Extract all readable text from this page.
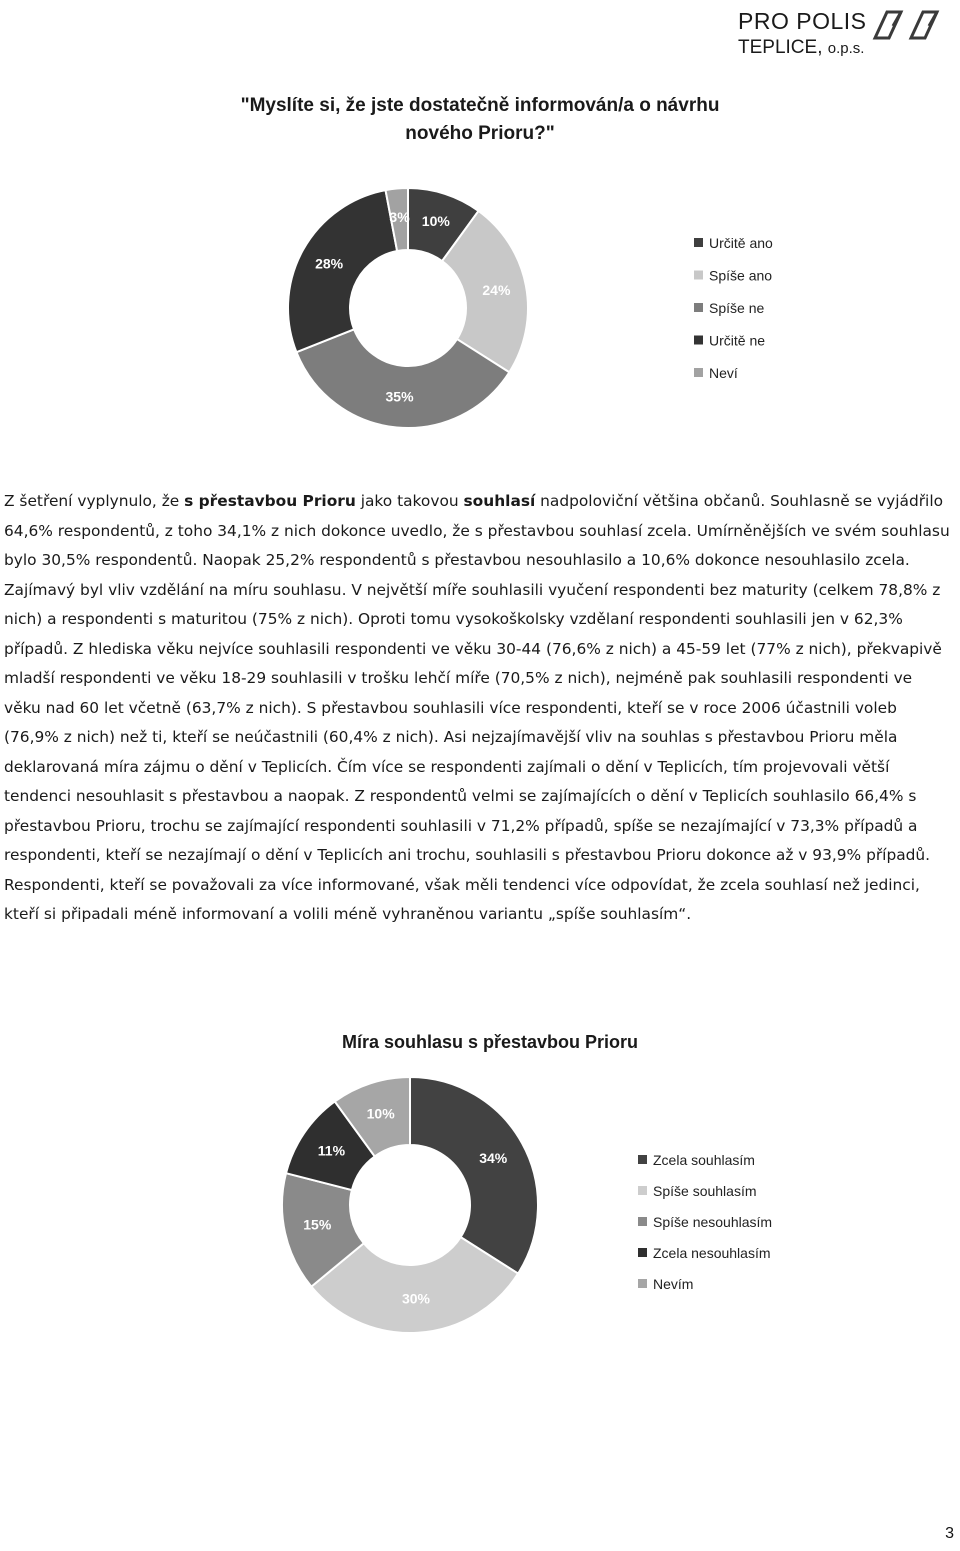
PRO POLIS
TEPLICE, o.p.s.
"Myslíte si, že jste dostatečně informován/a o návrhu nového Prioru?"
10%
24%
35%
28%
3%
Určitě ano
Spíše ano
Spíše ne
Určitě ne
Neví

Z šetření vyplynulo, že s přestavbou Prioru jako takovou souhlasí nadpoloviční většina občanů. Souhlasně se vyjádřilo 64,6% respondentů, z toho 34,1% z nich dokonce uvedlo, že s přestavbou souhlasí zcela. Umírněnějších ve svém souhlasu bylo 30,5% respondentů. Naopak 25,2% respondentů s přestavbou nesouhlasilo a 10,6% dokonce nesouhlasilo zcela. Zajímavý byl vliv vzdělání na míru souhlasu. V největší míře souhlasili vyučení respondenti bez maturity (celkem 78,8% z nich) a respondenti s maturitou (75% z nich). Oproti tomu vysokoškolsky vzdělaní respondenti souhlasili jen v 62,3% případů. Z hlediska věku nejvíce souhlasili respondenti ve věku 30-44 (76,6% z nich) a 45-59 let (77% z nich), překvapivě mladší respondenti ve věku 18-29 souhlasili v trošku lehčí míře (70,5% z nich), nejméně pak souhlasili respondenti ve věku nad 60 let včetně (63,7% z nich). S přestavbou souhlasili více respondenti, kteří se v roce 2006 účastnili voleb (76,9% z nich) než ti, kteří se neúčastnili (60,4% z nich). Asi nejzajímavější vliv na souhlas s přestavbou Prioru měla deklarovaná míra zájmu o dění v Teplicích. Čím více se respondenti zajímali o dění v Teplicích, tím projevovali větší tendenci nesouhlasit s přestavbou a naopak. Z respondentů velmi se zajímajících o dění v Teplicích souhlasilo 66,4% s přestavbou Prioru, trochu se zajímající respondenti souhlasili v 71,2% případů, spíše se nezajímající v 73,3% případů a respondenti, kteří se nezajímají o dění v Teplicích ani trochu, souhlasili s přestavbou Prioru dokonce až v 93,9% případů. Respondenti, kteří se považovali za více informované, však měli tendenci více odpovídat, že zcela souhlasí než jedinci, kteří si připadali méně informovaní a volili méně vyhraněnou variantu „spíše souhlasím“.

Míra souhlasu s přestavbou Prioru
34%
30%
15%
11%
10%
Zcela souhlasím
Spíše souhlasím
Spíše nesouhlasím
Zcela nesouhlasím
Nevím
3
